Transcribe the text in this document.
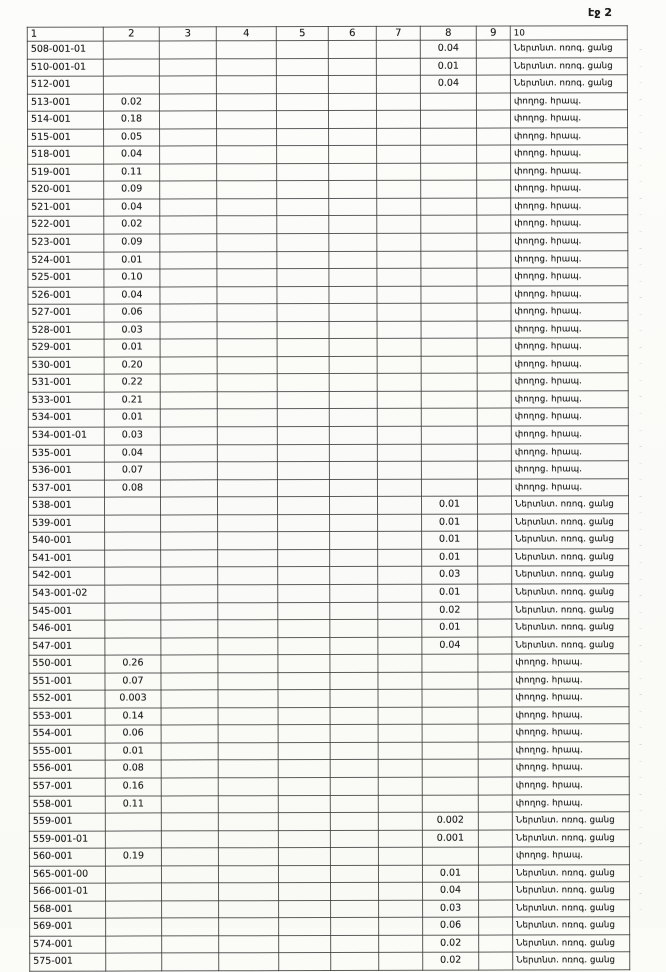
էջ 2
1	2	3	4	5	6	7	8	9	10
508-001-01							0.04		Ներտնտ. ոռոգ. ցանց
510-001-01							0.01		Ներտնտ. ոռոգ. ցանց
512-001							0.04		Ներտնտ. ոռոգ. ցանց
513-001	0.02								փողոց. հրապ.
514-001	0.18								փողոց. հրապ.
515-001	0.05								փողոց. հրապ.
518-001	0.04								փողոց. հրապ.
519-001	0.11								փողոց. հրապ.
520-001	0.09								փողոց. հրապ.
521-001	0.04								փողոց. հրապ.
522-001	0.02								փողոց. հրապ.
523-001	0.09								փողոց. հրապ.
524-001	0.01								փողոց. հրապ.
525-001	0.10								փողոց. հրապ.
526-001	0.04								փողոց. հրապ.
527-001	0.06								փողոց. հրապ.
528-001	0.03								փողոց. հրապ.
529-001	0.01								փողոց. հրապ.
530-001	0.20								փողոց. հրապ.
531-001	0.22								փողոց. հրապ.
533-001	0.21								փողոց. հրապ.
534-001	0.01								փողոց. հրապ.
534-001-01	0.03								փողոց. հրապ.
535-001	0.04								փողոց. հրապ.
536-001	0.07								փողոց. հրապ.
537-001	0.08								փողոց. հրապ.
538-001							0.01		Ներտնտ. ոռոգ. ցանց
539-001							0.01		Ներտնտ. ոռոգ. ցանց
540-001							0.01		Ներտնտ. ոռոգ. ցանց
541-001							0.01		Ներտնտ. ոռոգ. ցանց
542-001							0.03		Ներտնտ. ոռոգ. ցանց
543-001-02							0.01		Ներտնտ. ոռոգ. ցանց
545-001							0.02		Ներտնտ. ոռոգ. ցանց
546-001							0.01		Ներտնտ. ոռոգ. ցանց
547-001							0.04		Ներտնտ. ոռոգ. ցանց
550-001	0.26								փողոց. հրապ.
551-001	0.07								փողոց. հրապ.
552-001	0.003								փողոց. հրապ.
553-001	0.14								փողոց. հրապ.
554-001	0.06								փողոց. հրապ.
555-001	0.01								փողոց. հրապ.
556-001	0.08								փողոց. հրապ.
557-001	0.16								փողոց. հրապ.
558-001	0.11								փողոց. հրապ.
559-001							0.002		Ներտնտ. ոռոգ. ցանց
559-001-01							0.001		Ներտնտ. ոռոգ. ցանց
560-001	0.19								փողոց. հրապ.
565-001-00							0.01		Ներտնտ. ոռոգ. ցանց
566-001-01							0.04		Ներտնտ. ոռոգ. ցանց
568-001							0.03		Ներտնտ. ոռոգ. ցանց
569-001							0.06		Ներտնտ. ոռոգ. ցանց
574-001							0.02		Ներտնտ. ոռոգ. ցանց
575-001							0.02		Ներտնտ. ոռոգ. ցանց
֊
֊
֊
֊
֊
֊
֊
֊
֊
֊
֊
֊
֊
֊
֊
֊
֊
֊
֊
֊
֊
֊
֊
֊
֊
֊
֊
֊
֊
֊
֊
֊
֊
֊
֊
֊
֊
֊
֊
֊
֊
֊
֊
֊
֊
֊
֊
֊
֊
֊
֊
֊
֊
